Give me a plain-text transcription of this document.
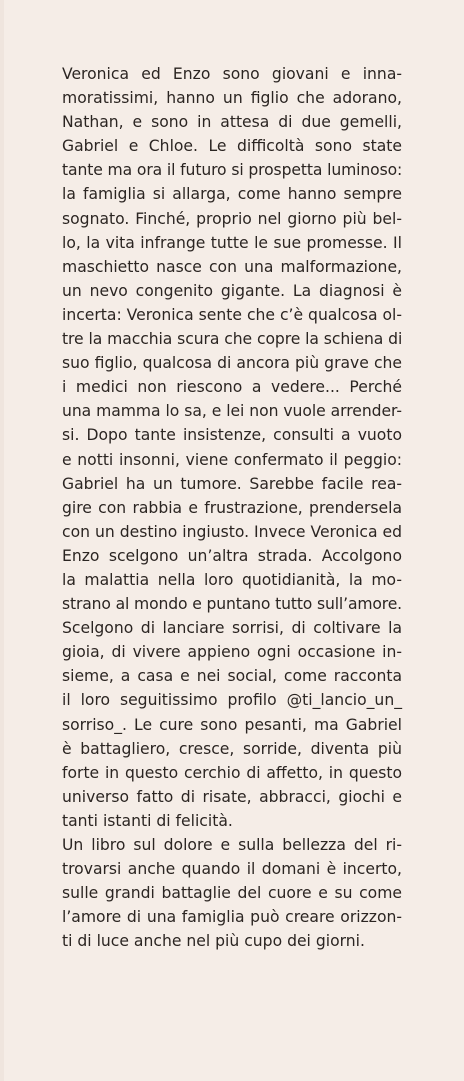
Veronica ed Enzo sono giovani e inna-
moratissimi, hanno un figlio che adorano,
Nathan, e sono in attesa di due gemelli,
Gabriel e Chloe. Le difficoltà sono state
tante ma ora il futuro si prospetta luminoso:
la famiglia si allarga, come hanno sempre
sognato. Finché, proprio nel giorno più bel-
lo, la vita infrange tutte le sue promesse. Il
maschietto nasce con una malformazione,
un nevo congenito gigante. La diagnosi è
incerta: Veronica sente che c’è qualcosa ol-
tre la macchia scura che copre la schiena di
suo figlio, qualcosa di ancora più grave che
i medici non riescono a vedere... Perché
una mamma lo sa, e lei non vuole arrender-
si. Dopo tante insistenze, consulti a vuoto
e notti insonni, viene confermato il peggio:
Gabriel ha un tumore. Sarebbe facile rea-
gire con rabbia e frustrazione, prendersela
con un destino ingiusto. Invece Veronica ed
Enzo scelgono un’altra strada. Accolgono
la malattia nella loro quotidianità, la mo-
strano al mondo e puntano tutto sull’amore.
Scelgono di lanciare sorrisi, di coltivare la
gioia, di vivere appieno ogni occasione in-
sieme, a casa e nei social, come racconta
il loro seguitissimo profilo @ti_lancio_un_
sorriso_. Le cure sono pesanti, ma Gabriel
è battagliero, cresce, sorride, diventa più
forte in questo cerchio di affetto, in questo
universo fatto di risate, abbracci, giochi e
tanti istanti di felicità.
Un libro sul dolore e sulla bellezza del ri-
trovarsi anche quando il domani è incerto,
sulle grandi battaglie del cuore e su come
l’amore di una famiglia può creare orizzon-
ti di luce anche nel più cupo dei giorni.
